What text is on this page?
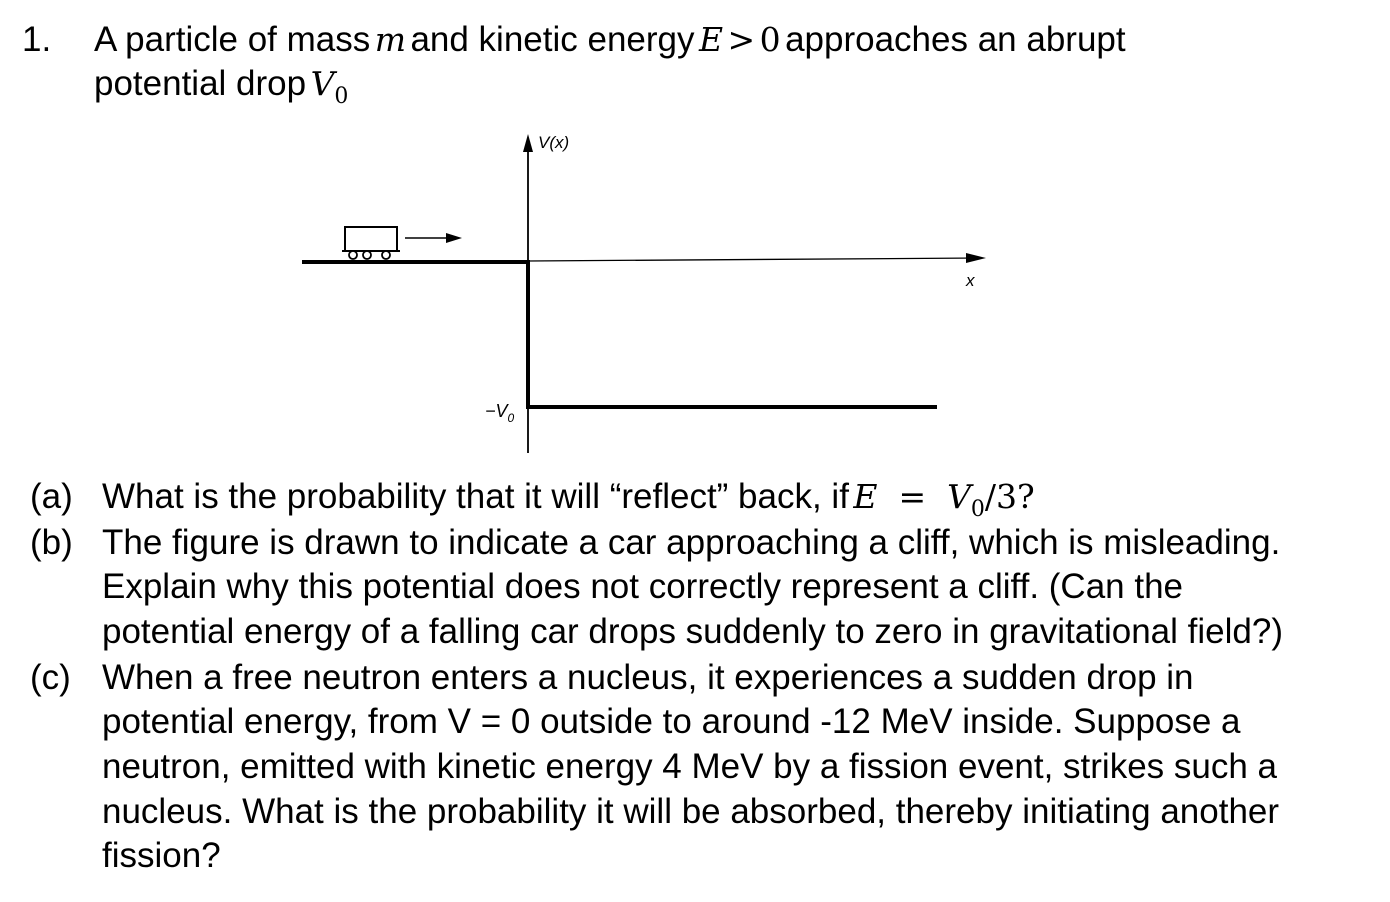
1. A particle of mass m and kinetic energy E > 0 approaches an abrupt
potential drop $V_0$
V(x)
x
$-V_0$
(a) What is the probability that it will “reflect” back, if $E = V_0/3$?
(b) The figure is drawn to indicate a car approaching a cliff, which is misleading.
Explain why this potential does not correctly represent a cliff. (Can the
potential energy of a falling car drops suddenly to zero in gravitational field?)
(c) When a free neutron enters a nucleus, it experiences a sudden drop in
potential energy, from V = 0 outside to around -12 MeV inside. Suppose a
neutron, emitted with kinetic energy 4 MeV by a fission event, strikes such a
nucleus. What is the probability it will be absorbed, thereby initiating another
fission?
